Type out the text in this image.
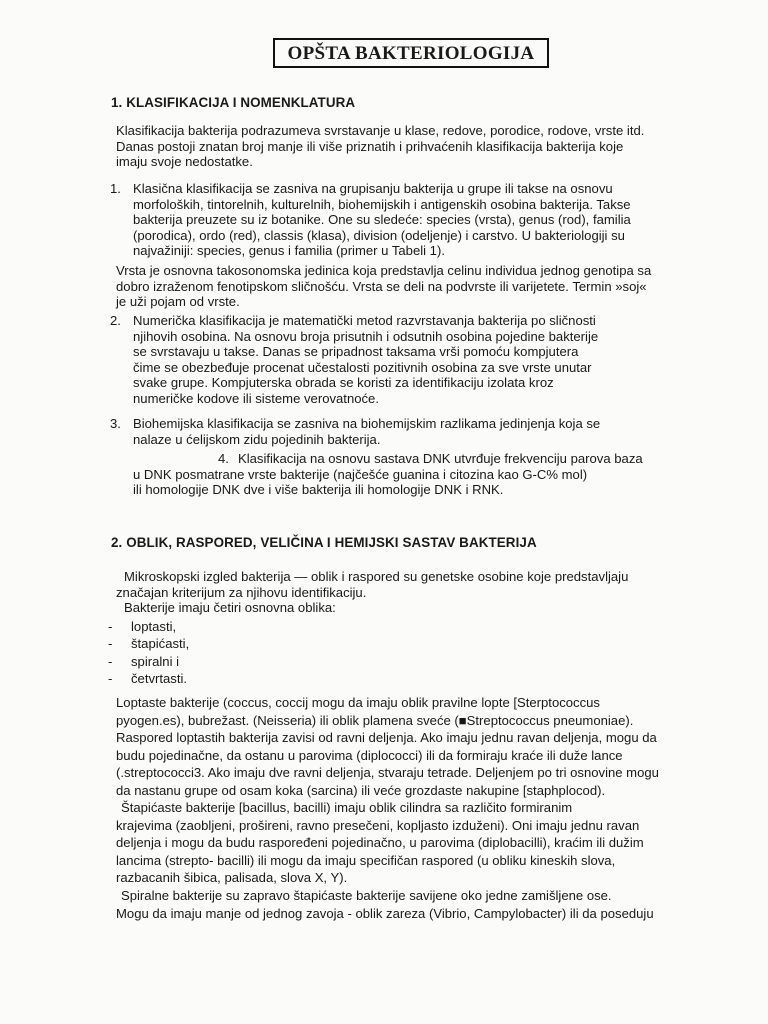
OPŠTA BAKTERIOLOGIJA
1. KLASIFIKACIJA I NOMENKLATURA
Klasifikacija bakterija podrazumeva svrstavanje u klase, redove, porodice, rodove, vrste itd.
Danas postoji znatan broj manje ili više priznatih i prihvaćenih klasifikacija bakterija koje
imaju svoje nedostatke.
1. Klasična klasifikacija se zasniva na grupisanju bakterija u grupe ili takse na osnovu
morfoloških, tintorelnih, kulturelnih, biohemijskih i antigenskih osobina bakterija. Takse
bakterija preuzete su iz botanike. One su sledeće: species (vrsta), genus (rod), familia
(porodica), ordo (red), classis (klasa), division (odeljenje) i carstvo. U bakteriologiji su
najvažiniji: species, genus i familia (primer u Tabeli 1).
Vrsta je osnovna takosonomska jedinica koja predstavlja celinu individua jednog genotipa sa
dobro izraženom fenotipskom sličnošću. Vrsta se deli na podvrste ili varijetete. Termin »soj«
je uži pojam od vrste.
2. Numerička klasifikacija je matematički metod razvrstavanja bakterija po sličnosti
njihovih osobina. Na osnovu broja prisutnih i odsutnih osobina pojedine bakterije
se svrstavaju u takse. Danas se pripadnost taksama vrši pomoću kompjutera
čime se obezbeđuje procenat učestalosti pozitivnih osobina za sve vrste unutar
svake grupe. Kompjuterska obrada se koristi za identifikaciju izolata kroz
numeričke kodove ili sisteme verovatnoće.
3. Biohemijska klasifikacija se zasniva na biohemijskim razlikama jedinjenja koja se
nalaze u ćelijskom zidu pojedinih bakterija.
4. Klasifikacija na osnovu sastava DNK utvrđuje frekvenciju parova baza
u DNK posmatrane vrste bakterije (najčešće guanina i citozina kao G-C% mol)
ili homologije DNK dve i više bakterija ili homologije DNK i RNK.
2. OBLIK, RASPORED, VELIČINA I HEMIJSKI SASTAV BAKTERIJA
Mikroskopski izgled bakterija — oblik i raspored su genetske osobine koje predstavljaju
značajan kriterijum za njihovu identifikaciju.
Bakterije imaju četiri osnovna oblika:
- loptasti,
- štapićasti,
- spiralni i
- četvrtasti.
Loptaste bakterije (coccus, coccij mogu da imaju oblik pravilne lopte [Sterptococcus
pyogen.es), bubrežast. (Neisseria) ili oblik plamena sveće (■Streptococcus pneumoniae).
Raspored loptastih bakterija zavisi od ravni deljenja. Ako imaju jednu ravan deljenja, mogu da
budu pojedinačne, da ostanu u parovima (diplococci) ili da formiraju kraće ili duže lance
(.streptococci3. Ako imaju dve ravni deljenja, stvaraju tetrade. Deljenjem po tri osnovine mogu
da nastanu grupe od osam koka (sarcina) ili veće grozdaste nakupine [staphplocod).
Štapićaste bakterije [bacillus, bacilli) imaju oblik cilindra sa različito formiranim
krajevima (zaobljeni, prošireni, ravno presečeni, kopljasto izduženi). Oni imaju jednu ravan
deljenja i mogu da budu raspoređeni pojedinačno, u parovima (diplobacilli), kraćim ili dužim
lancima (strepto- bacilli) ili mogu da imaju specifičan raspored (u obliku kineskih slova,
razbacanih šibica, palisada, slova X, Y).
Spiralne bakterije su zapravo štapićaste bakterije savijene oko jedne zamišljene ose.
Mogu da imaju manje od jednog zavoja - oblik zareza (Vibrio, Campylobacter) ili da poseduju
